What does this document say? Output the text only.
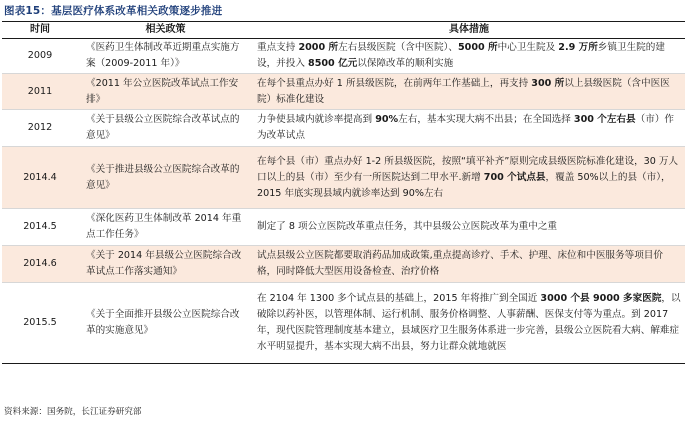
图表15：基层医疗体系改革相关政策逐步推进
时间	相关政策	具体措施
2009	《医药卫生体制改革近期重点实施方案（2009-2011 年）》	重点支持 2000 所左右县级医院（含中医院）、5000 所中心卫生院及 2.9 万所乡镇卫生院的建设，并投入 8500 亿元以保障改革的顺利实施
2011	《2011 年公立医院改革试点工作安排》	在每个县重点办好 1 所县级医院，在前两年工作基础上，再支持 300 所以上县级医院（含中医医院）标准化建设
2012	《关于县级公立医院综合改革试点的意见》	力争使县域内就诊率提高到 90%左右，基本实现大病不出县；在全国选择 300 个左右县（市）作为改革试点
2014.4	《关于推进县级公立医院综合改革的意见》	在每个县（市）重点办好 1-2 所县级医院，按照“填平补齐”原则完成县级医院标准化建设，30 万人口以上的县（市）至少有一所医院达到二甲水平.新增 700 个试点县，覆盖 50%以上的县（市），2015 年底实现县域内就诊率达到 90%左右
2014.5	《深化医药卫生体制改革 2014 年重点工作任务》	制定了 8 项公立医院改革重点任务，其中县级公立医院改革为重中之重
2014.6	《关于 2014 年县级公立医院综合改革试点工作落实通知》	试点县级公立医院都要取消药品加成政策,重点提高诊疗、手术、护理、床位和中医服务等项目价格，同时降低大型医用设备检查、治疗价格
2015.5	《关于全面推开县级公立医院综合改革的实施意见》	在 2104 年 1300 多个试点县的基础上，2015 年将推广到全国近 3000 个县 9000 多家医院，以破除以药补医，以管理体制、运行机制、服务价格调整、人事薪酬、医保支付等为重点。到 2017 年，现代医院管理制度基本建立，县域医疗卫生服务体系进一步完善，县级公立医院看大病、解难症水平明显提升，基本实现大病不出县，努力让群众就地就医
资料来源：国务院，长江证券研究部
